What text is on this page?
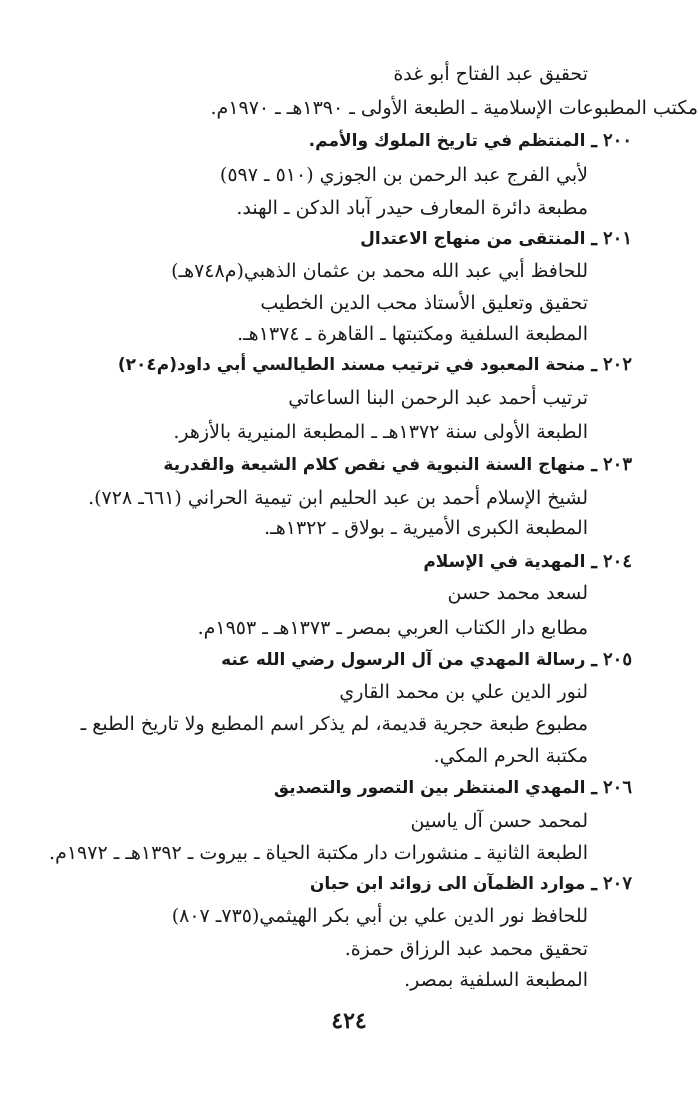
تحقيق عبد الفتاح أبو غدة
مكتب المطبوعات الإسلامية ـ الطبعة الأولى ـ ١٣٩٠هـ ـ ١٩٧٠م.
٢٠٠
ـ
المنتظم في تاريخ الملوك والأمم.
لأبي الفرج عبد الرحمن بن الجوزي (٥١٠ ـ ٥٩٧)
مطبعة دائرة المعارف حيدر آباد الدكن ـ الهند.
٢٠١
ـ
المنتقى من منهاج الاعتدال
للحافظ أبي عبد الله محمد بن عثمان الذهبي(م٧٤٨هـ)
تحقيق وتعليق الأستاذ محب الدين الخطيب
المطبعة السلفية ومكتبتها ـ القاهرة ـ ١٣٧٤هـ.
٢٠٢
ـ
منحة المعبود في ترتيب مسند الطيالسي أبي داود(م٢٠٤)
ترتيب أحمد عبد الرحمن البنا الساعاتي
الطبعة الأولى سنة ١٣٧٢هـ ـ المطبعة المنيرية بالأزهر.
٢٠٣
ـ
منهاج السنة النبوية في نقص كلام الشيعة والقدرية
لشيخ الإسلام أحمد بن عبد الحليم ابن تيمية الحراني (٦٦١ـ ٧٢٨).
المطبعة الكبرى الأميرية ـ بولاق ـ ١٣٢٢هـ.
٢٠٤
ـ
المهدية في الإسلام
لسعد محمد حسن
مطابع دار الكتاب العربي بمصر ـ ١٣٧٣هـ ـ ١٩٥٣م.
٢٠٥
ـ
رسالة المهدي من آل الرسول رضي الله عنه
لنور الدين علي بن محمد القاري
مطبوع طبعة حجرية قديمة، لم يذكر اسم المطبع ولا تاريخ الطبع ـ
مكتبة الحرم المكي.
٢٠٦
ـ
المهدي المنتظر بين التصور والتصديق
لمحمد حسن آل ياسين
الطبعة الثانية ـ منشورات دار مكتبة الحياة ـ بيروت ـ ١٣٩٢هـ ـ ١٩٧٢م.
٢٠٧
ـ
موارد الظمآن الى زوائد ابن حبان
للحافظ نور الدين علي بن أبي بكر الهيثمي(٧٣٥ـ ٨٠٧)
تحقيق محمد عبد الرزاق حمزة.
المطبعة السلفية بمصر.
٤٢٤
